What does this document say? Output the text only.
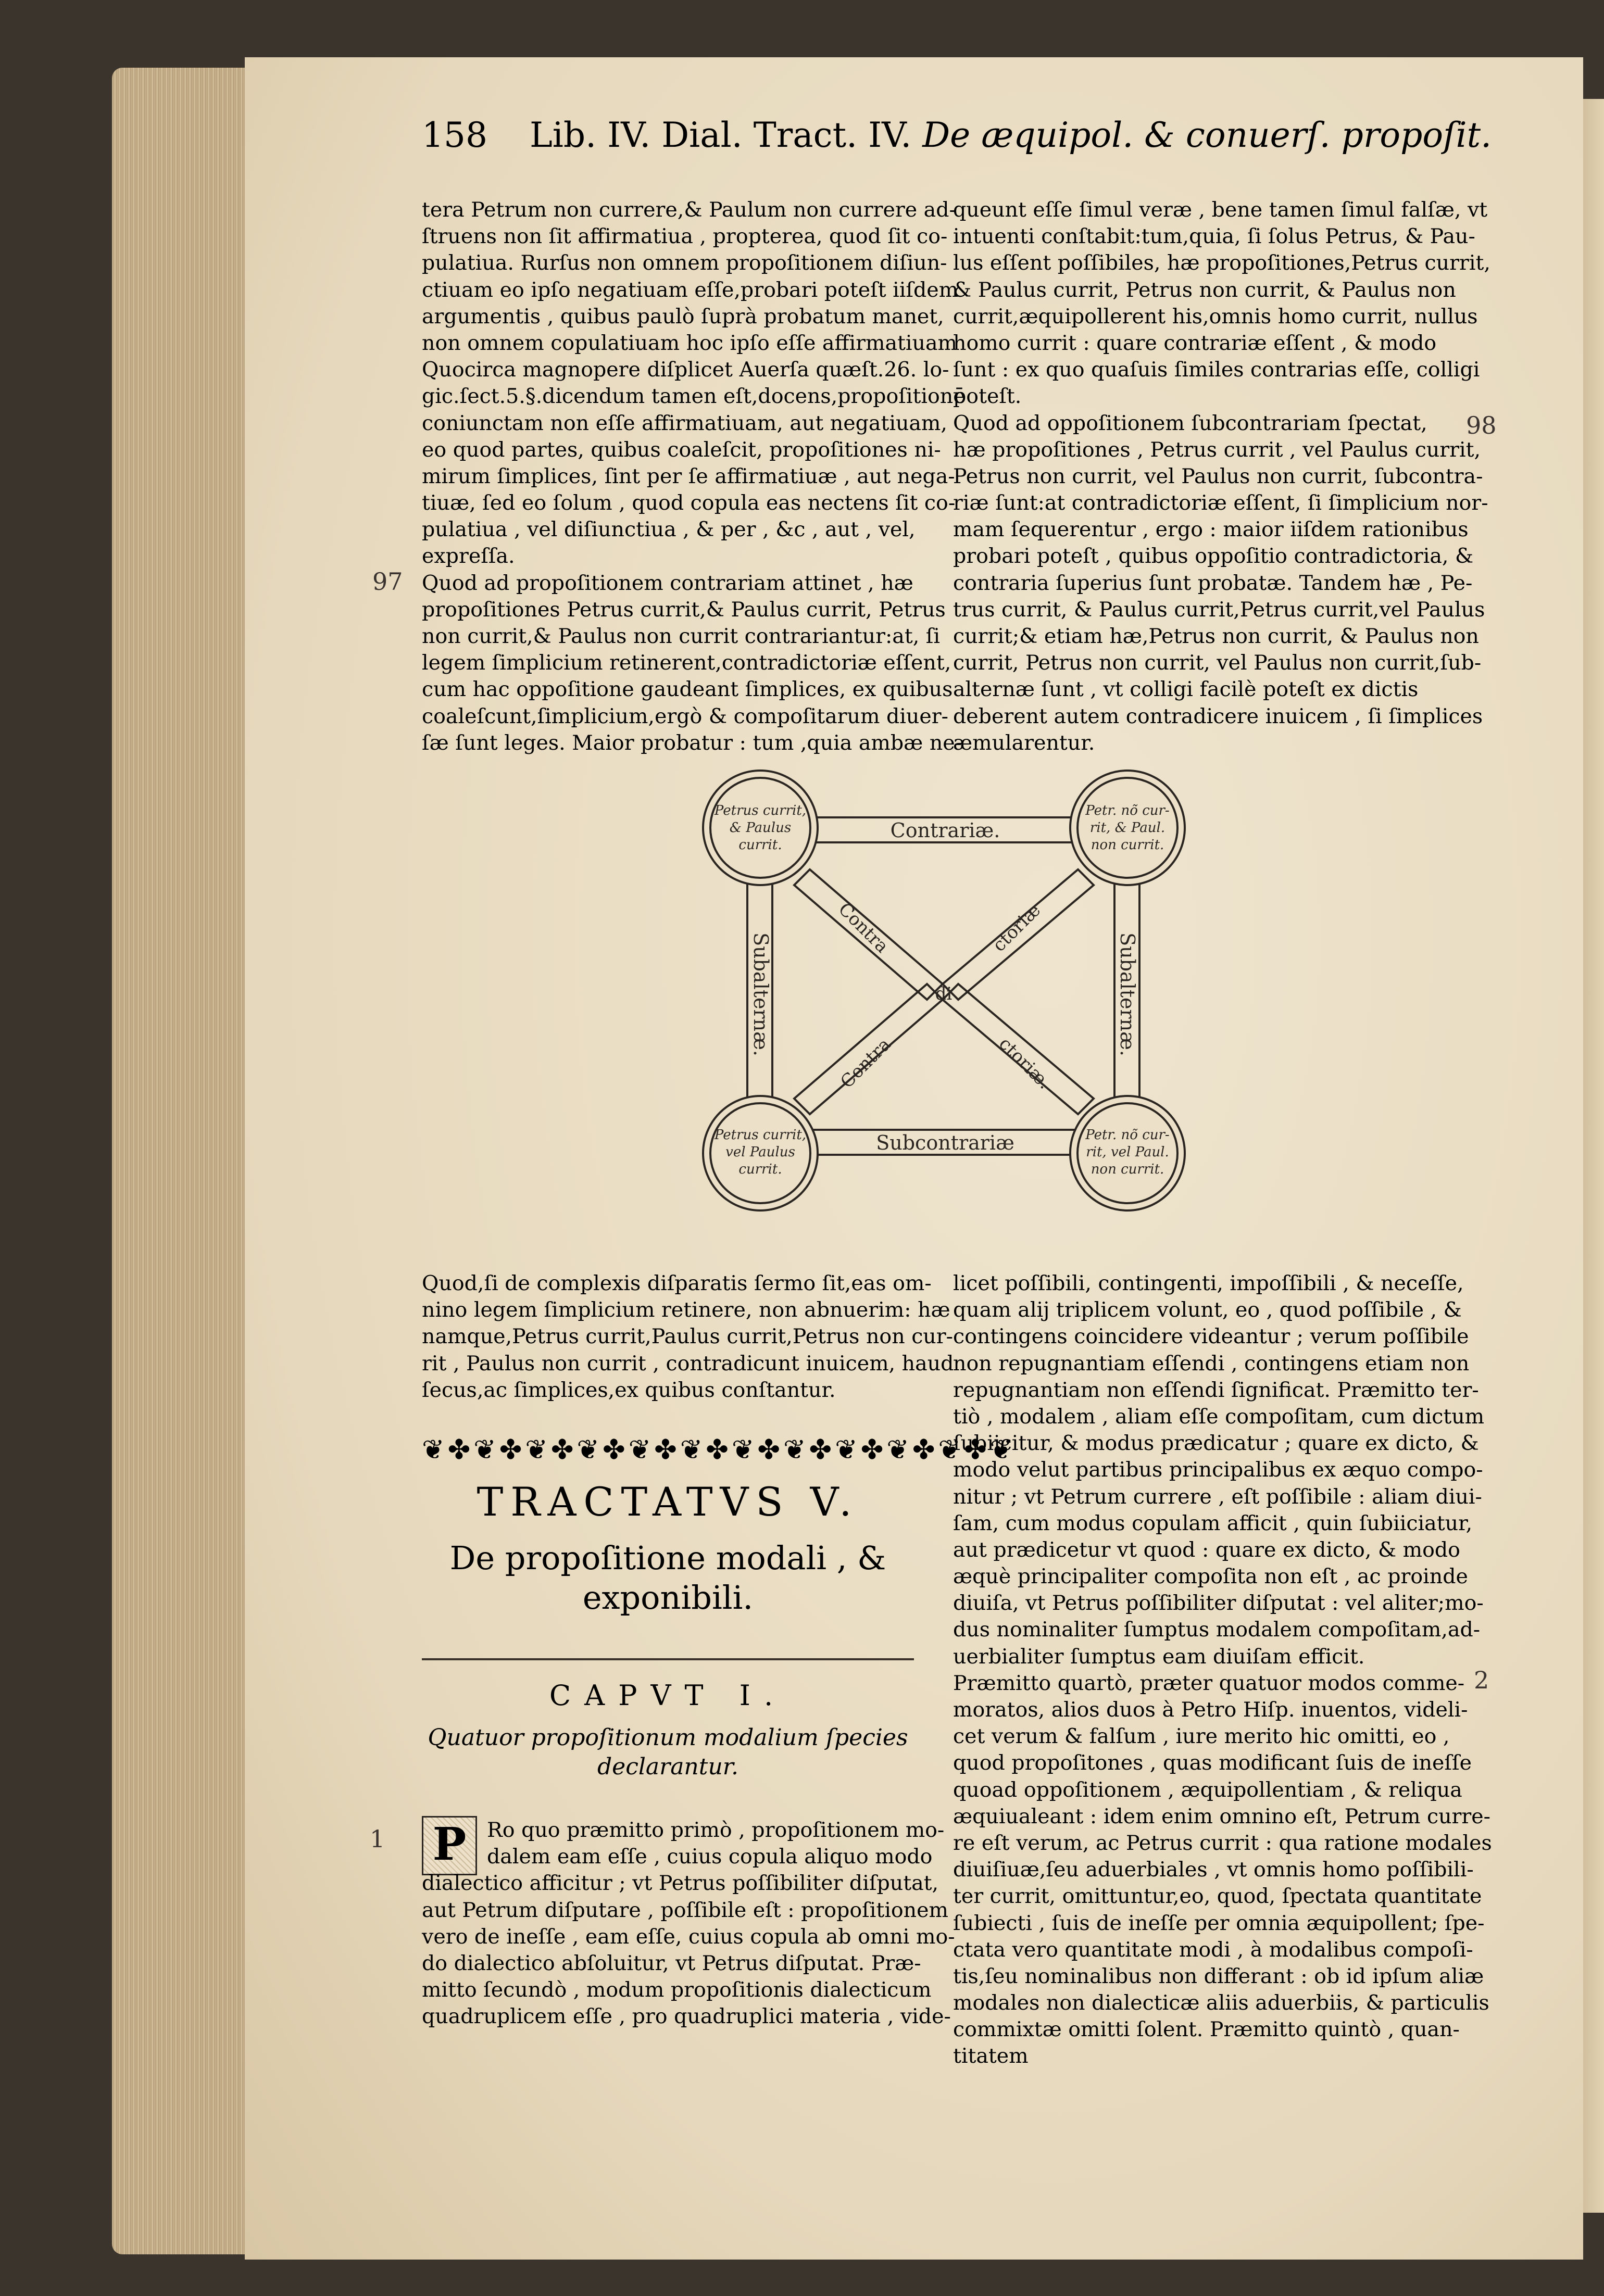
158 Lib. IV. Dial. Tract. IV. De æquipol. & conuerſ. propoſit.
tera Petrum non currere,& Paulum non currere ad-
ſtruens non ſit affirmatiua , propterea, quod ſit co-
pulatiua. Rurſus non omnem propoſitionem diſiun-
ctiuam eo ipſo negatiuam eſſe,probari poteſt iiſdem
argumentis , quibus paulò ſuprà probatum manet,
non omnem copulatiuam hoc ipſo eſſe affirmatiuam
Quocirca magnopere diſplicet Auerſa quæſt.26. lo-
gic.ſect.5.§.dicendum tamen eſt,docens,propoſitionē
coniunctam non eſſe affirmatiuam, aut negatiuam,
eo quod partes, quibus coaleſcit, propoſitiones ni-
mirum ſimplices, ſint per ſe affirmatiuæ , aut nega-
tiuæ, ſed eo ſolum , quod copula eas nectens ſit co-
pulatiua , vel diſiunctiua , & per , &c , aut , vel,
expreſſa.
Quod ad propoſitionem contrariam attinet , hæ
propoſitiones Petrus currit,& Paulus currit, Petrus
non currit,& Paulus non currit contrariantur:at, ſi
legem ſimplicium retinerent,contradictoriæ eſſent,
cum hac oppoſitione gaudeant ſimplices, ex quibus
coaleſcunt,ſimplicium,ergò & compoſitarum diuer-
ſæ ſunt leges. Maior probatur : tum ,quia ambæ ne-
queunt eſſe ſimul veræ , bene tamen ſimul falſæ, vt
intuenti conſtabit:tum,quia, ſi ſolus Petrus, & Pau-
lus eſſent poſſibiles, hæ propoſitiones,Petrus currit,
& Paulus currit, Petrus non currit, & Paulus non
currit,æquipollerent his,omnis homo currit, nullus
homo currit : quare contrariæ eſſent , & modo
ſunt : ex quo quaſuis ſimiles contrarias eſſe, colligi
poteſt.
Quod ad oppoſitionem ſubcontrariam ſpectat,
hæ propoſitiones , Petrus currit , vel Paulus currit,
Petrus non currit, vel Paulus non currit, ſubcontra-
riæ ſunt:at contradictoriæ eſſent, ſi ſimplicium nor-
mam ſequerentur , ergo : maior iiſdem rationibus
probari poteſt , quibus oppoſitio contradictoria, &
contraria ſuperius ſunt probatæ. Tandem hæ , Pe-
trus currit, & Paulus currit,Petrus currit,vel Paulus
currit;& etiam hæ,Petrus non currit, & Paulus non
currit, Petrus non currit, vel Paulus non currit,ſub-
alternæ ſunt , vt colligi facilè poteſt ex dictis
deberent autem contradicere inuicem , ſi ſimplices
æmularentur.
98
97
1
2
Petrus currit,
& Paulus
currit.
Petr. nõ cur-
rit, & Paul.
non currit.
Petrus currit,
vel Paulus
currit.
Petr. nõ cur-
rit, vel Paul.
non currit.
Contrariæ.
Subcontrariæ
Subalternæ.	Subalternæ.
Contra	ctoriæ
di
Contra	ctoriæ.
Quod,ſi de complexis diſparatis ſermo ſit,eas om-
nino legem ſimplicium retinere, non abnuerim: hæ
namque,Petrus currit,Paulus currit,Petrus non cur-
rit , Paulus non currit , contradicunt inuicem, haud
ſecus,ac ſimplices,ex quibus conſtantur.
❦✤❦✤❦✤❦✤❦✤❦✤❦✤❦✤❦✤❦✤❦✤❦
TRACTATVS V.
De propoſitione modali , &
exponibili.
CAPVT I.
Quatuor propoſitionum modalium ſpecies
declarantur.
P	Ro quo præmitto primò , propoſitionem mo-
dalem eam eſſe , cuius copula aliquo modo
dialectico afficitur ; vt Petrus poſſibiliter diſputat,
aut Petrum diſputare , poſſibile eſt : propoſitionem
vero de ineſſe , eam eſſe, cuius copula ab omni mo-
do dialectico abſoluitur, vt Petrus diſputat. Præ-
mitto ſecundò , modum propoſitionis dialecticum
quadruplicem eſſe , pro quadruplici materia , vide-
licet poſſibili, contingenti, impoſſibili , & neceſſe,
quam alij triplicem volunt, eo , quod poſſibile , &
contingens coincidere videantur ; verum poſſibile
non repugnantiam eſſendi , contingens etiam non
repugnantiam non eſſendi ſignificat. Præmitto ter-
tiò , modalem , aliam eſſe compoſitam, cum dictum
ſubiicitur, & modus prædicatur ; quare ex dicto, &
modo velut partibus principalibus ex æquo compo-
nitur ; vt Petrum currere , eſt poſſibile : aliam diui-
ſam, cum modus copulam afficit , quin ſubiiciatur,
aut prædicetur vt quod : quare ex dicto, & modo
æquè principaliter compoſita non eſt , ac proinde
diuiſa, vt Petrus poſſibiliter diſputat : vel aliter;mo-
dus nominaliter ſumptus modalem compoſitam,ad-
uerbialiter ſumptus eam diuiſam efficit.
Præmitto quartò, præter quatuor modos comme-
moratos, alios duos à Petro Hiſp. inuentos, videli-
cet verum & falſum , iure merito hic omitti, eo ,
quod propoſitones , quas modificant ſuis de ineſſe
quoad oppoſitionem , æquipollentiam , & reliqua
æquiualeant : idem enim omnino eſt, Petrum curre-
re eſt verum, ac Petrus currit : qua ratione modales
diuiſiuæ,ſeu aduerbiales , vt omnis homo poſſibili-
ter currit, omittuntur,eo, quod, ſpectata quantitate
ſubiecti , ſuis de ineſſe per omnia æquipollent; ſpe-
ctata vero quantitate modi , à modalibus compoſi-
tis,ſeu nominalibus non differant : ob id ipſum aliæ
modales non dialecticæ aliis aduerbiis, & particulis
commixtæ omitti ſolent. Præmitto quintò , quan-
titatem
